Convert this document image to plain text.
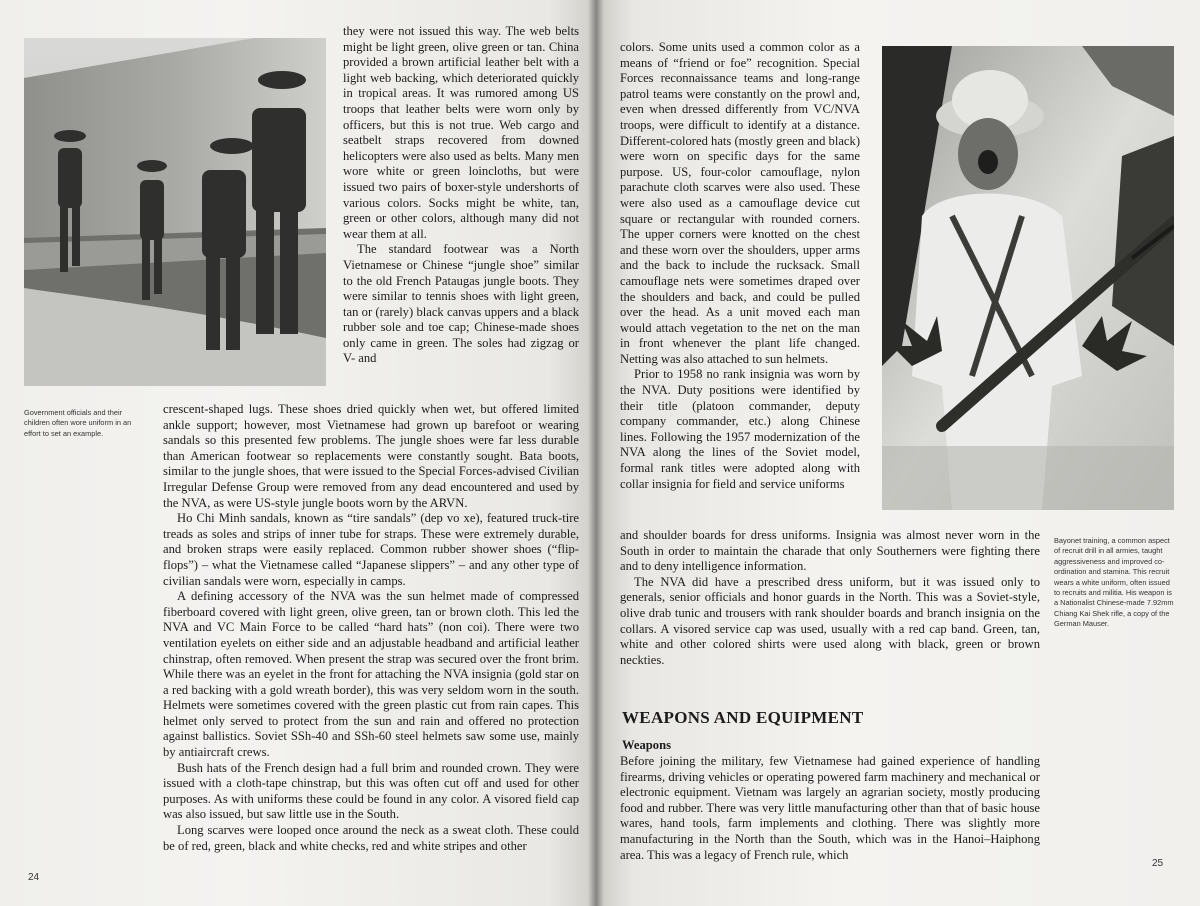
Government officials and their children often wore uniform in an effort to set an example.

they were not issued this way. The web belts might be light green, olive green or tan. China provided a brown artificial leather belt with a light web backing, which deteriorated quickly in tropical areas. It was rumored among US troops that leather belts were worn only by officers, but this is not true. Web cargo and seatbelt straps recovered from downed helicopters were also used as belts. Many men wore white or green loincloths, but were issued two pairs of boxer-style undershorts of various colors. Socks might be white, tan, green or other colors, although many did not wear them at all.

The standard footwear was a North Vietnamese or Chinese “jungle shoe” similar to the old French Pataugas jungle boots. They were similar to tennis shoes with light green, tan or (rarely) black canvas uppers and a black rubber sole and toe cap; Chinese-made shoes only came in green. The soles had zigzag or V- and

crescent-shaped lugs. These shoes dried quickly when wet, but offered limited ankle support; however, most Vietnamese had grown up barefoot or wearing sandals so this presented few problems. The jungle shoes were far less durable than American footwear so replacements were constantly sought. Bata boots, similar to the jungle shoes, that were issued to the Special Forces-advised Civilian Irregular Defense Group were removed from any dead encountered and used by the NVA, as were US-style jungle boots worn by the ARVN.

Ho Chi Minh sandals, known as “tire sandals” (dep vo xe), featured truck-tire treads as soles and strips of inner tube for straps. These were extremely durable, and broken straps were easily replaced. Common rubber shower shoes (“flip-flops”) – what the Vietnamese called “Japanese slippers” – and any other type of civilian sandals were worn, especially in camps.

A defining accessory of the NVA was the sun helmet made of compressed fiberboard covered with light green, olive green, tan or brown cloth. This led the NVA and VC Main Force to be called “hard hats” (non coi). There were two ventilation eyelets on either side and an adjustable headband and artificial leather chinstrap, often removed. When present the strap was secured over the front brim. While there was an eyelet in the front for attaching the NVA insignia (gold star on a red backing with a gold wreath border), this was very seldom worn in the south. Helmets were sometimes covered with the green plastic cut from rain capes. This helmet only served to protect from the sun and rain and offered no protection against ballistics. Soviet SSh-40 and SSh-60 steel helmets saw some use, mainly by antiaircraft crews.

Bush hats of the French design had a full brim and rounded crown. They were issued with a cloth-tape chinstrap, but this was often cut off and used for other purposes. As with uniforms these could be found in any color. A visored field cap was also issued, but saw little use in the South.

Long scarves were looped once around the neck as a sweat cloth. These could be of red, green, black and white checks, red and white stripes and other

24

colors. Some units used a common color as a means of “friend or foe” recognition. Special Forces reconnaissance teams and long-range patrol teams were constantly on the prowl and, even when dressed differently from VC/NVA troops, were difficult to identify at a distance. Different-colored hats (mostly green and black) were worn on specific days for the same purpose. US, four-color camouflage, nylon parachute cloth scarves were also used. These were also used as a camouflage device cut square or rectangular with rounded corners. The upper corners were knotted on the chest and these worn over the shoulders, upper arms and the back to include the rucksack. Small camouflage nets were sometimes draped over the shoulders and back, and could be pulled over the head. As a unit moved each man would attach vegetation to the net on the man in front whenever the plant life changed. Netting was also attached to sun helmets.

Prior to 1958 no rank insignia was worn by the NVA. Duty positions were identified by their title (platoon commander, deputy company commander, etc.) along Chinese lines. Following the 1957 modernization of the NVA along the lines of the Soviet model, formal rank titles were adopted along with collar insignia for field and service uniforms

Bayonet training, a common aspect of recruit drill in all armies, taught aggressiveness and improved co-ordination and stamina. This recruit wears a white uniform, often issued to recruits and militia. His weapon is a Nationalist Chinese-made 7.92mm Chiang Kai Shek rifle, a copy of the German Mauser.

and shoulder boards for dress uniforms. Insignia was almost never worn in the South in order to maintain the charade that only Southerners were fighting there and to deny intelligence information.

The NVA did have a prescribed dress uniform, but it was issued only to generals, senior officials and honor guards in the North. This was a Soviet-style, olive drab tunic and trousers with rank shoulder boards and branch insignia on the collars. A visored service cap was used, usually with a red cap band. Green, tan, white and other colored shirts were used along with black, green or brown neckties.

WEAPONS AND EQUIPMENT
Weapons

Before joining the military, few Vietnamese had gained experience of handling firearms, driving vehicles or operating powered farm machinery and mechanical or electronic equipment. Vietnam was largely an agrarian society, mostly producing food and rubber. There was very little manufacturing other than that of basic house wares, hand tools, farm implements and clothing. There was slightly more manufacturing in the North than the South, which was in the Hanoi–Haiphong area. This was a legacy of French rule, which

25
